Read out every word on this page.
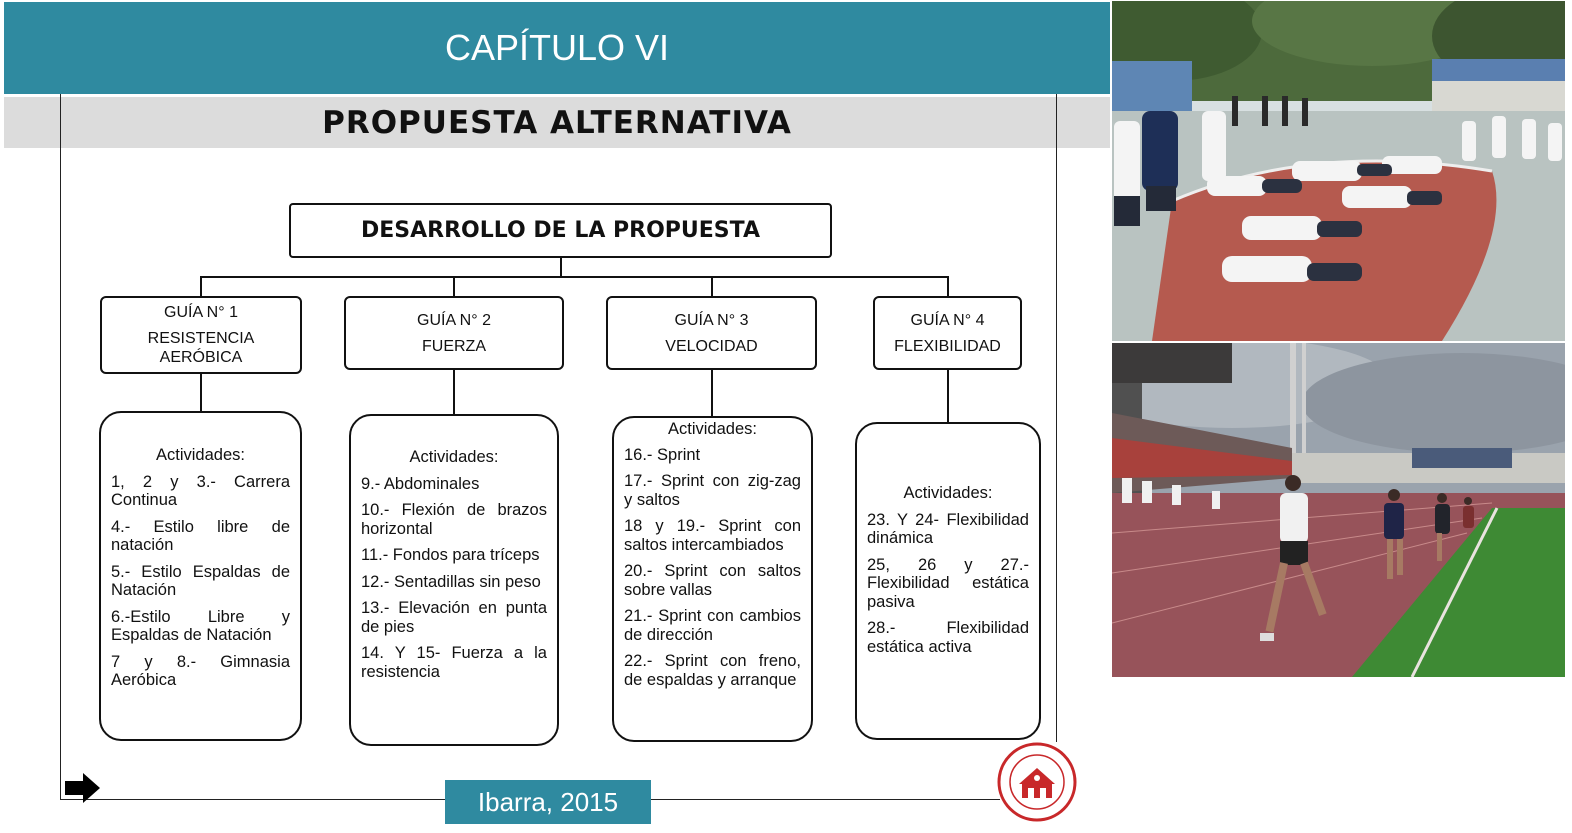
CAPÍTULO VI
PROPUESTA ALTERNATIVA
DESARROLLO DE LA PROPUESTA
GUÍA N° 1
RESISTENCIA
AERÓBICA
GUÍA N° 2
FUERZA
GUÍA N° 3
VELOCIDAD
GUÍA N° 4
FLEXIBILIDAD
Actividades:
1, 2 y 3.- Carrera Continua
4.- Estilo libre de natación
5.- Estilo Espaldas de Natación
6.-Estilo Libre y Espaldas de Natación
7 y 8.- Gimnasia Aeróbica
Actividades:
9.- Abdominales
10.- Flexión de brazos horizontal
11.- Fondos para tríceps
12.- Sentadillas sin peso
13.- Elevación en punta de pies
14. Y 15- Fuerza a la resistencia
Actividades:
16.- Sprint
17.- Sprint con zig-zag y saltos
18 y 19.- Sprint con saltos intercambiados
20.- Sprint con saltos sobre vallas
21.- Sprint con cambios de dirección
22.- Sprint con freno, de espaldas y arranque
Actividades:
23. Y 24- Flexibilidad dinámica
25, 26 y 27.- Flexibilidad estática pasiva
28.- Flexibilidad estática activa
Ibarra, 2015
